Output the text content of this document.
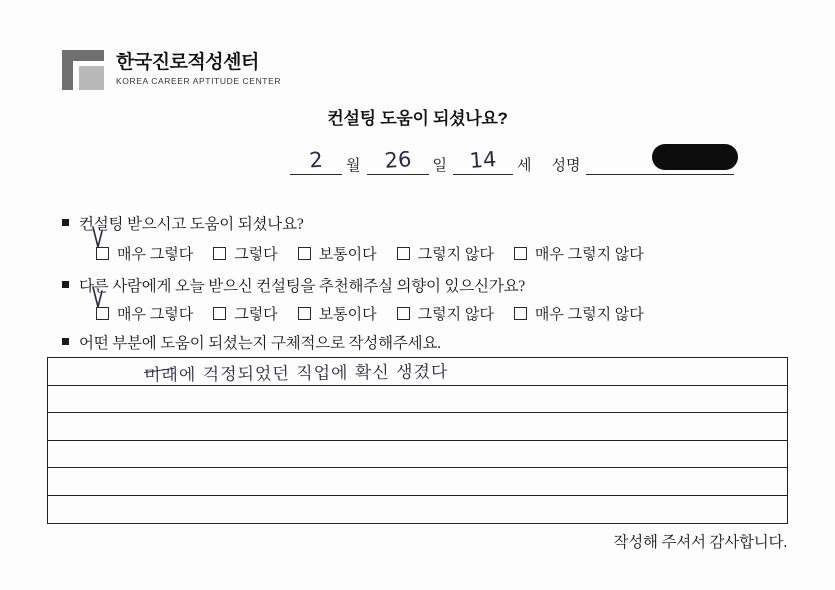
한국진로적성센터
KOREA CAREER APTITUDE CENTER
컨설팅 도움이 되셨나요?
2 월 26 일 14 세 성명
컨설팅 받으시고 도움이 되셨나요?
매우 그렇다	그렇다	보통이다	그렇지 않다	매우 그렇지 않다
다른 사람에게 오늘 받으신 컨설팅을 추천해주실 의향이 있으신가요?
매우 그렇다	그렇다	보통이다	그렇지 않다	매우 그렇지 않다
어떤 부분에 도움이 되셨는지 구체적으로 작성해주세요.
미래에 걱정되었던 직업에 확신 생겼다
작성해 주셔서 감사합니다.
